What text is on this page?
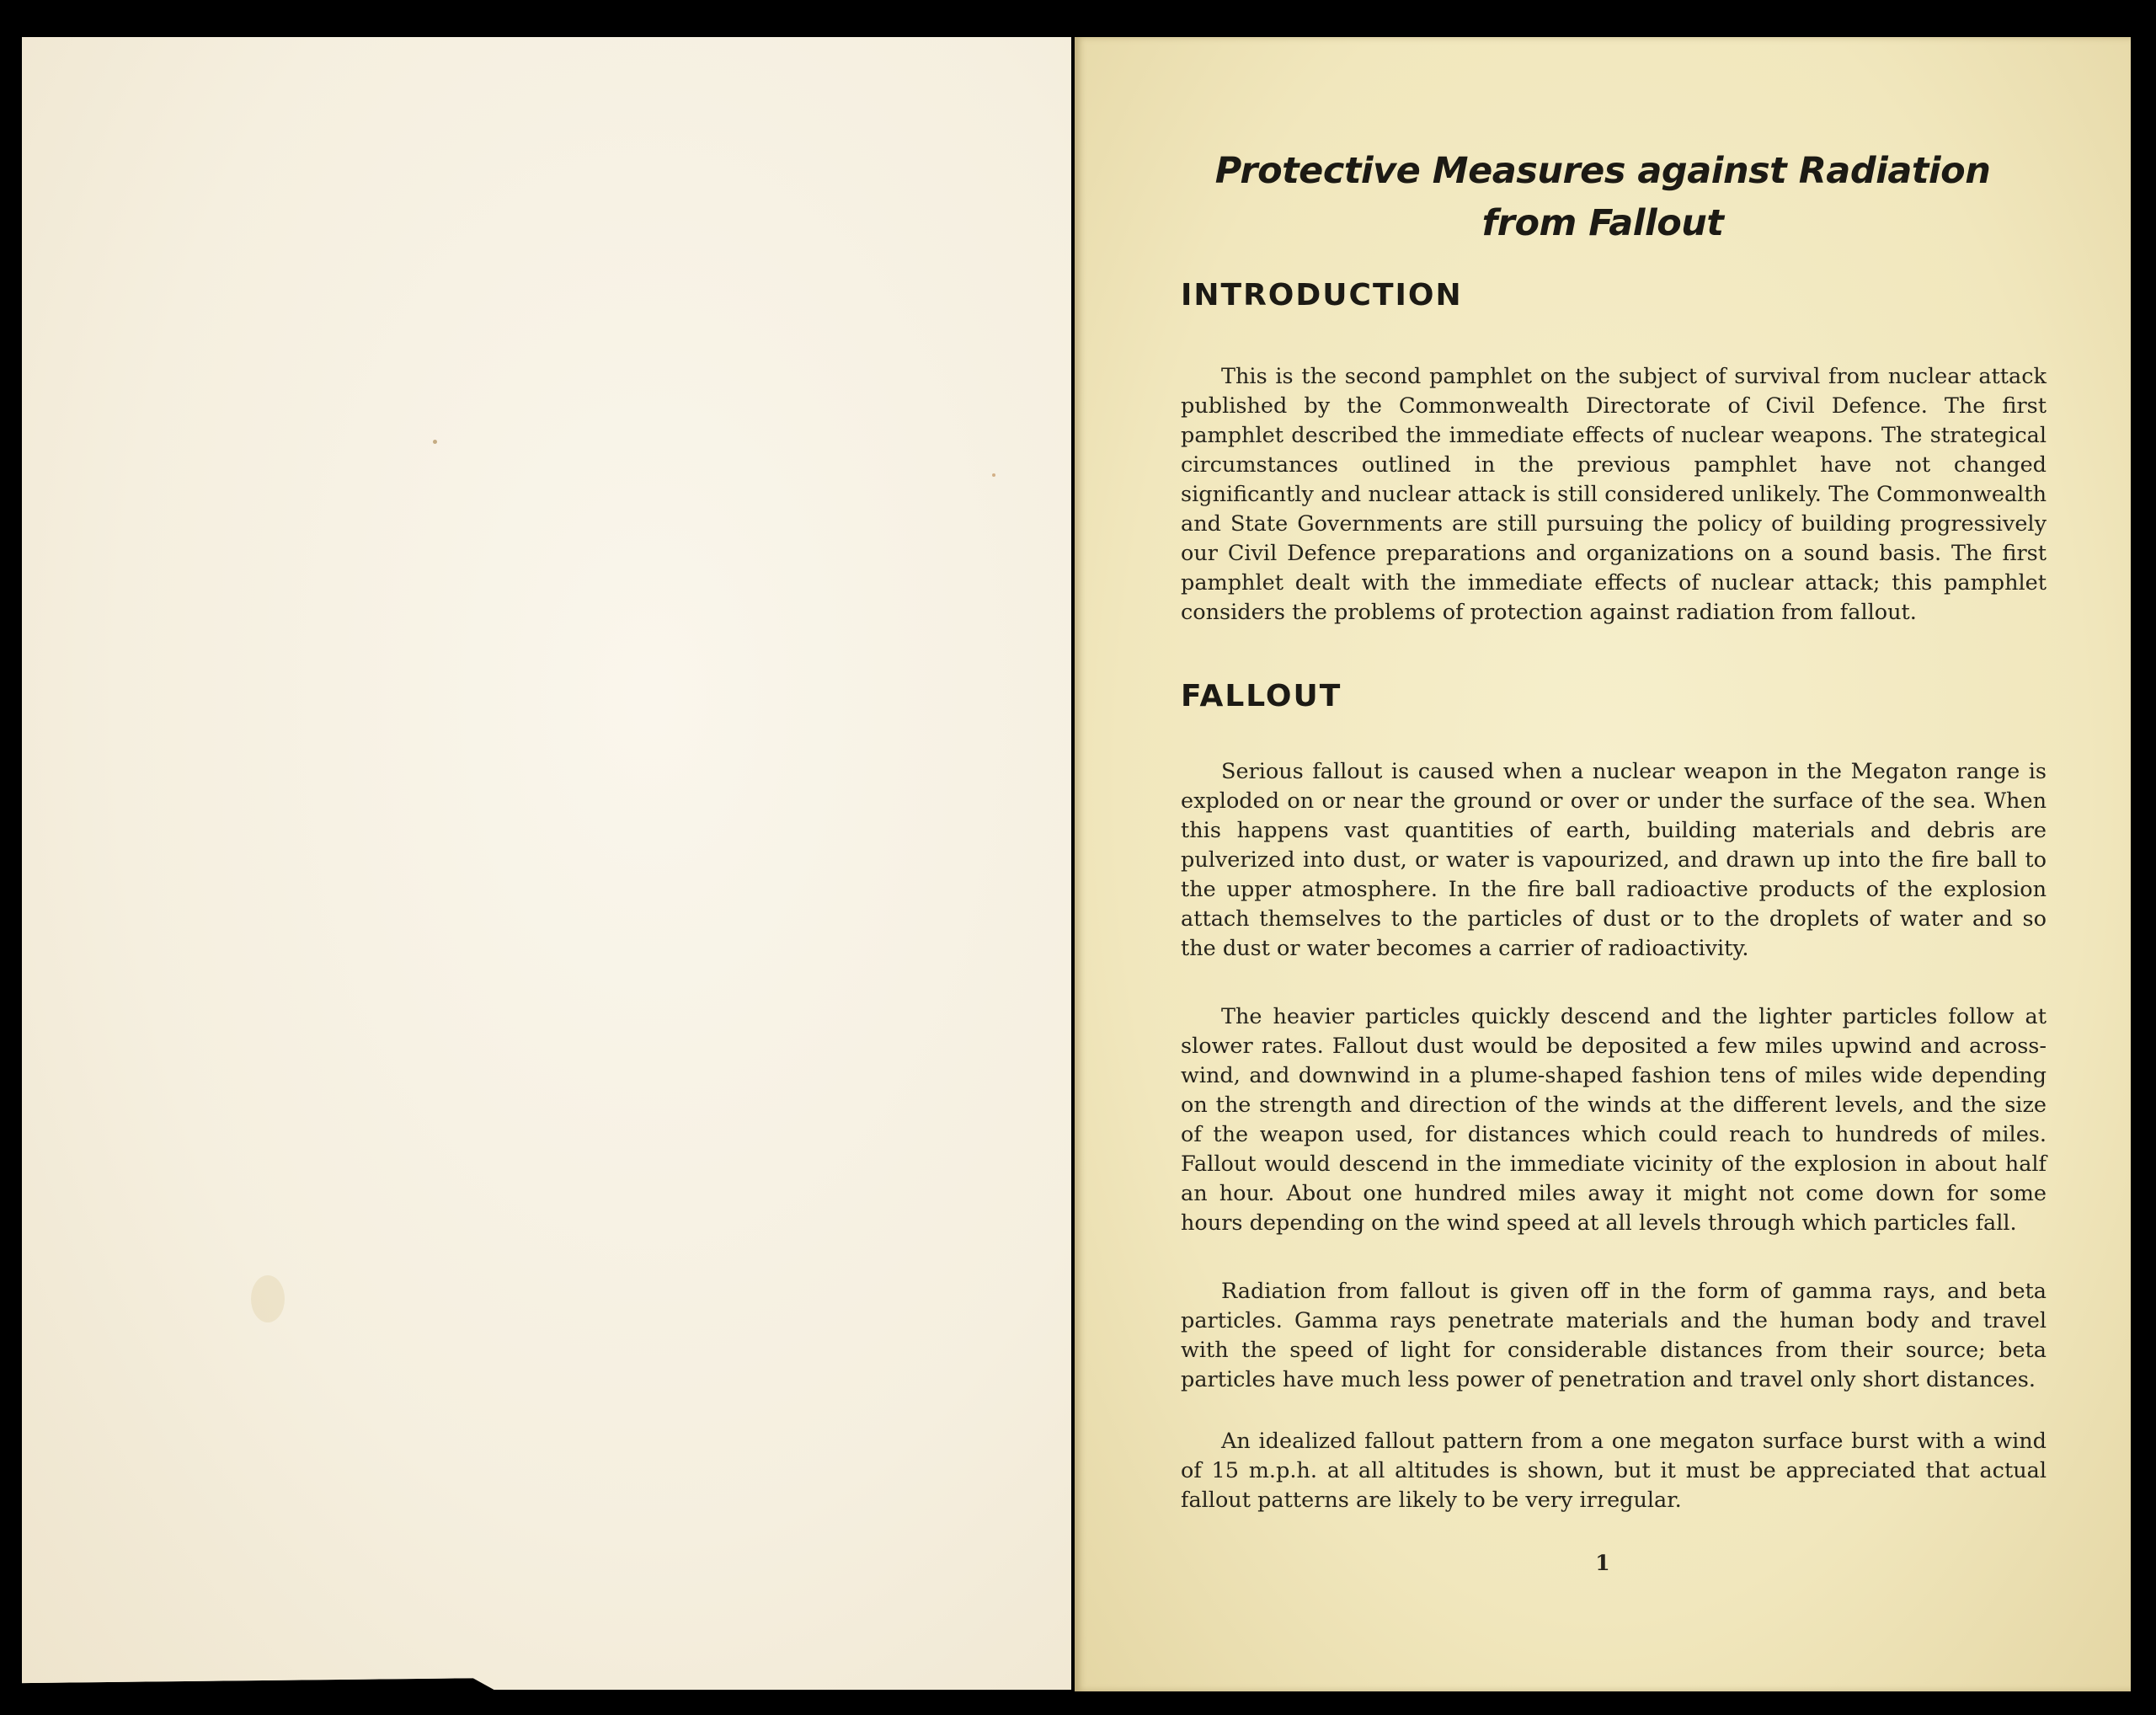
Protective Measures against Radiation
from Fallout
INTRODUCTION

This is the second pamphlet on the subject of survival from nuclear attack published by the Commonwealth Directorate of Civil Defence. The first pamphlet described the immediate effects of nuclear weapons. The strategical circumstances outlined in the previous pamphlet have not changed significantly and nuclear attack is still considered unlikely. The Commonwealth and State Governments are still pursuing the policy of building progressively our Civil Defence preparations and organizations on a sound basis. The first pamphlet dealt with the immediate effects of nuclear attack; this pamphlet considers the problems of protection against radiation from fallout.

FALLOUT

Serious fallout is caused when a nuclear weapon in the Megaton range is exploded on or near the ground or over or under the surface of the sea. When this happens vast quantities of earth, building materials and debris are pulverized into dust, or water is vapourized, and drawn up into the fire ball to the upper atmosphere. In the fire ball radioactive products of the explosion attach themselves to the particles of dust or to the droplets of water and so the dust or water becomes a carrier of radioactivity.

The heavier particles quickly descend and the lighter particles follow at slower rates. Fallout dust would be deposited a few miles upwind and across-wind, and downwind in a plume-shaped fashion tens of miles wide depending on the strength and direction of the winds at the different levels, and the size of the weapon used, for distances which could reach to hundreds of miles. Fallout would descend in the immediate vicinity of the explosion in about half an hour. About one hundred miles away it might not come down for some hours depending on the wind speed at all levels through which particles fall.

Radiation from fallout is given off in the form of gamma rays, and beta particles. Gamma rays penetrate materials and the human body and travel with the speed of light for considerable distances from their source; beta particles have much less power of penetration and travel only short distances.

An idealized fallout pattern from a one megaton surface burst with a wind of 15 m.p.h. at all altitudes is shown, but it must be appreciated that actual fallout patterns are likely to be very irregular.

1
